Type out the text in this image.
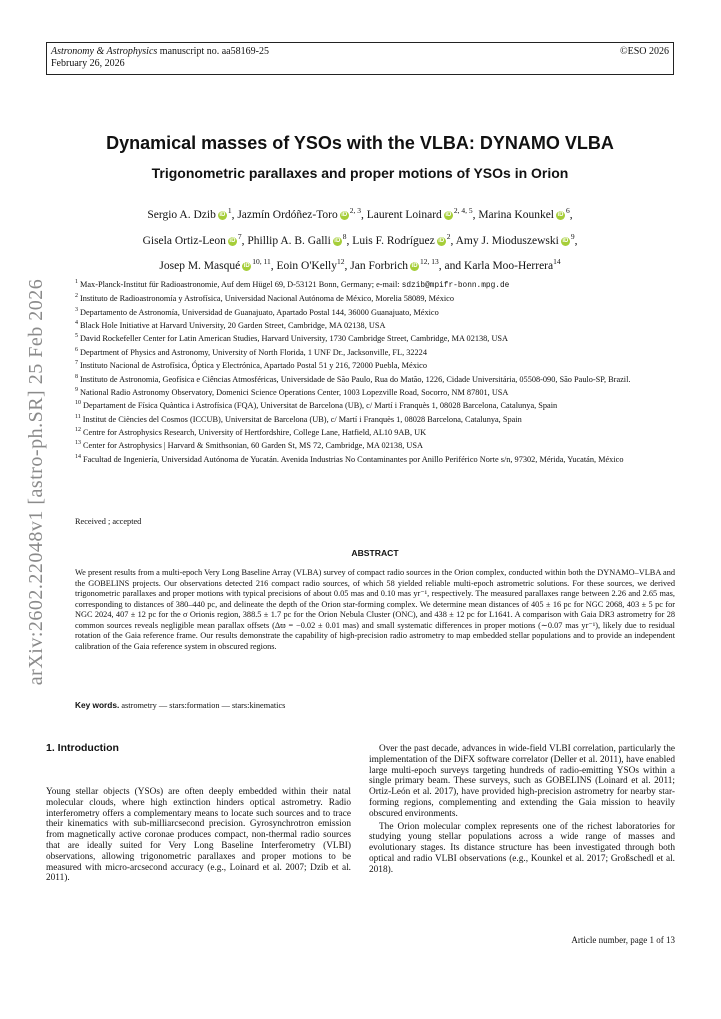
Astronomy & Astrophysics manuscript no. aa58169-25
February 26, 2026
©ESO 2026
arXiv:2602.22048v1 [astro-ph.SR] 25 Feb 2026
Dynamical masses of YSOs with the VLBA: DYNAMO VLBA
Trigonometric parallaxes and proper motions of YSOs in Orion
Sergio A. Dzib iD $^1$, Jazmín Ordóñez-Toro iD $^{2, 3}$, Laurent Loinard iD $^{2, 4, 5}$, Marina Kounkel iD $^6$,
Gisela Ortiz-Leon iD $^7$, Phillip A. B. Galli iD $^8$, Luis F. Rodríguez iD $^2$, Amy J. Mioduszewski iD $^9$,
Josep M. Masqué iD $^{10, 11}$, Eoin O'Kelly$^{12}$, Jan Forbrich iD $^{12, 13}$, and Karla Moo-Herrera$^{14}$
$^1$ Max-Planck-Institut für Radioastronomie, Auf dem Hügel 69, D-53121 Bonn, Germany; e-mail: sdzib@mpifr-bonn.mpg.de
$^2$ Instituto de Radioastronomía y Astrofísica, Universidad Nacional Autónoma de México, Morelia 58089, México
$^3$ Departamento de Astronomía, Universidad de Guanajuato, Apartado Postal 144, 36000 Guanajuato, México
$^4$ Black Hole Initiative at Harvard University, 20 Garden Street, Cambridge, MA 02138, USA
$^5$ David Rockefeller Center for Latin American Studies, Harvard University, 1730 Cambridge Street, Cambridge, MA 02138, USA
$^6$ Department of Physics and Astronomy, University of North Florida, 1 UNF Dr., Jacksonville, FL, 32224
$^7$ Instituto Nacional de Astrofísica, Óptica y Electrónica, Apartado Postal 51 y 216, 72000 Puebla, México
$^8$ Instituto de Astronomia, Geofísica e Ciências Atmosféricas, Universidade de São Paulo, Rua do Matão, 1226, Cidade Universitária, 05508-090, São Paulo-SP, Brazil.
$^9$ National Radio Astronomy Observatory, Domenici Science Operations Center, 1003 Lopezville Road, Socorro, NM 87801, USA
$^{10}$ Departament de Física Quàntica i Astrofísica (FQA), Universitat de Barcelona (UB), c/ Martí i Franquès 1, 08028 Barcelona, Catalunya, Spain
$^{11}$ Institut de Ciències del Cosmos (ICCUB), Universitat de Barcelona (UB), c/ Martí i Franquès 1, 08028 Barcelona, Catalunya, Spain
$^{12}$ Centre for Astrophysics Research, University of Hertfordshire, College Lane, Hatfield, AL10 9AB, UK
$^{13}$ Center for Astrophysics | Harvard & Smithsonian, 60 Garden St, MS 72, Cambridge, MA 02138, USA
$^{14}$ Facultad de Ingeniería, Universidad Autónoma de Yucatán. Avenida Industrias No Contaminantes por Anillo Periférico Norte s/n, 97302, Mérida, Yucatán, México
Received ; accepted
ABSTRACT
We present results from a multi-epoch Very Long Baseline Array (VLBA) survey of compact radio sources in the Orion complex, conducted within both the DYNAMO–VLBA and the GOBELINS projects. Our observations detected 216 compact radio sources, of which 58 yielded reliable multi-epoch astrometric solutions. For these sources, we derived trigonometric parallaxes and proper motions with typical precisions of about 0.05 mas and 0.10 mas yr⁻¹, respectively. The measured parallaxes range between 2.26 and 2.65 mas, corresponding to distances of 380–440 pc, and delineate the depth of the Orion star-forming complex. We determine mean distances of 405 ± 16 pc for NGC 2068, 403 ± 5 pc for NGC 2024, 407 ± 12 pc for the σ Orionis region, 388.5 ± 1.7 pc for the Orion Nebula Cluster (ONC), and 438 ± 12 pc for L1641. A comparison with Gaia DR3 astrometry for 28 common sources reveals negligible mean parallax offsets (Δϖ = −0.02 ± 0.01 mas) and small systematic differences in proper motions (∼0.07 mas yr⁻¹), likely due to residual rotation of the Gaia reference frame. Our results demonstrate the capability of high-precision radio astrometry to map embedded stellar populations and to provide an independent calibration of the Gaia reference system in obscured regions.
Key words. astrometry — stars:formation — stars:kinematics
1. Introduction

Young stellar objects (YSOs) are often deeply embedded within their natal molecular clouds, where high extinction hinders optical astrometry. Radio interferometry offers a complementary means to locate such sources and to trace their kinematics with sub-milliarcsecond precision. Gyrosynchrotron emission from magnetically active coronae produces compact, non-thermal radio sources that are ideally suited for Very Long Baseline Interferometry (VLBI) observations, allowing trigonometric parallaxes and proper motions to be measured with micro-arcsecond accuracy (e.g., Loinard et al. 2007; Dzib et al. 2011).

Over the past decade, advances in wide-field VLBI correlation, particularly the implementation of the DiFX software correlator (Deller et al. 2011), have enabled large multi-epoch surveys targeting hundreds of radio-emitting YSOs within a single primary beam. These surveys, such as GOBELINS (Loinard et al. 2011; Ortiz-León et al. 2017), have provided high-precision astrometry for nearby star-forming regions, complementing and extending the Gaia mission to heavily obscured environments.

The Orion molecular complex represents one of the richest laboratories for studying young stellar populations across a wide range of masses and evolutionary stages. Its distance structure has been investigated through both optical and radio VLBI observations (e.g., Kounkel et al. 2017; Großschedl et al. 2018).

Article number, page 1 of 13
